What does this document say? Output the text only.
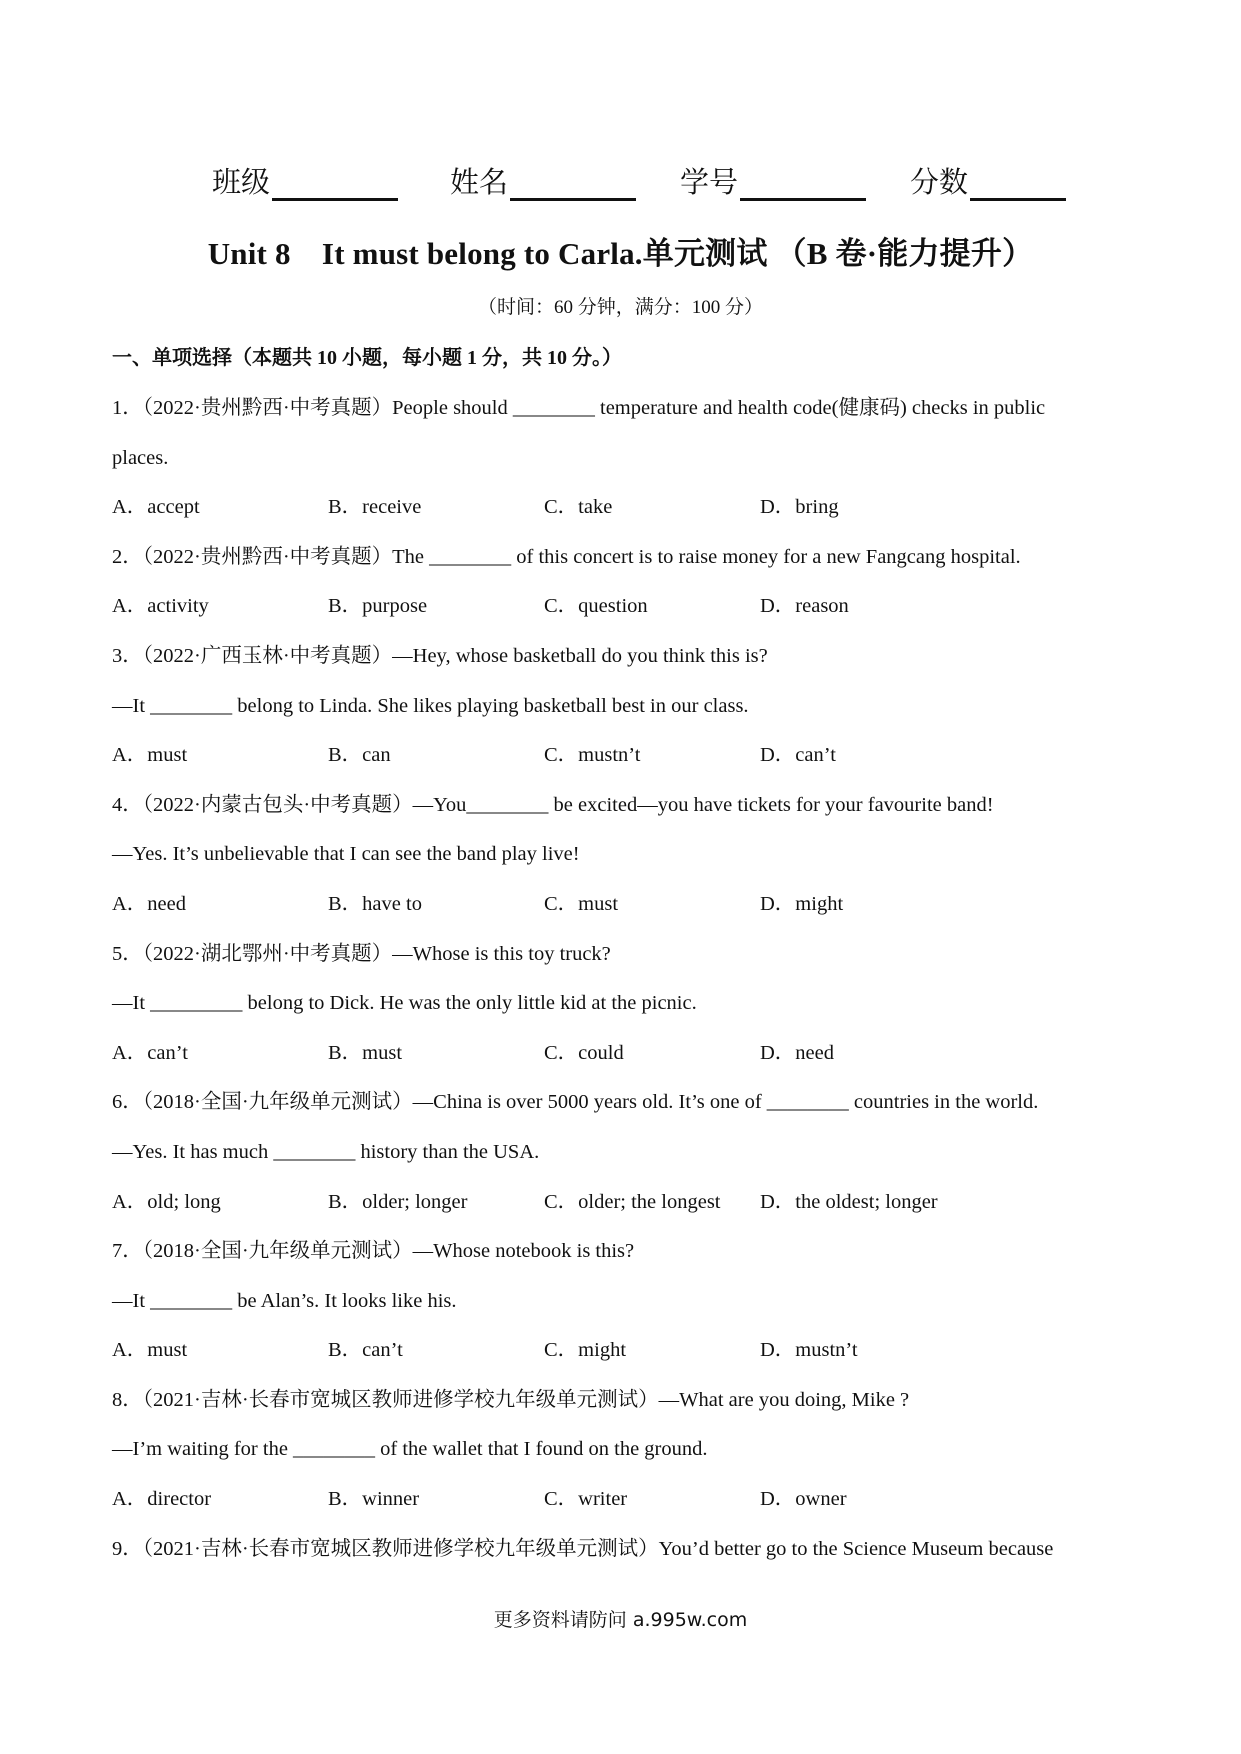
班级	姓名	学号	分数
Unit 8　It must belong to Carla.单元测试 （B 卷·能力提升）
（时间：60 分钟，满分：100 分）
一、单项选择（本题共 10 小题，每小题 1 分，共 10 分。）
1．（2022·贵州黔西·中考真题）People should ________ temperature and health code(健康码) checks in public
places.
A．accept	B．receive	C．take	D．bring
2．（2022·贵州黔西·中考真题）The ________ of this concert is to raise money for a new Fangcang hospital.
A．activity	B．purpose	C．question	D．reason
3．（2022·广西玉林·中考真题）—Hey, whose basketball do you think this is?
—It ________ belong to Linda. She likes playing basketball best in our class.
A．must	B．can	C．mustn’t	D．can’t
4．（2022·内蒙古包头·中考真题）—You________ be excited—you have tickets for your favourite band!
—Yes. It’s unbelievable that I can see the band play live!
A．need	B．have to	C．must	D．might
5．（2022·湖北鄂州·中考真题）—Whose is this toy truck?
—It _________ belong to Dick. He was the only little kid at the picnic.
A．can’t	B．must	C．could	D．need
6．（2018·全国·九年级单元测试）—China is over 5000 years old. It’s one of ________ countries in the world.
—Yes. It has much ________ history than the USA.
A．old; long	B．older; longer	C．older; the longest D．the oldest; longer
7．（2018·全国·九年级单元测试）—Whose notebook is this?
—It ________ be Alan’s. It looks like his.
A．must	B．can’t	C．might	D．mustn’t
8．（2021·吉林·长春市宽城区教师进修学校九年级单元测试）—What are you doing, Mike ?
—I’m waiting for the ________ of the wallet that I found on the ground.
A．director	B．winner	C．writer	D．owner
9．（2021·吉林·长春市宽城区教师进修学校九年级单元测试）You’d better go to the Science Museum because
更多资料请防问 a.995w.com
